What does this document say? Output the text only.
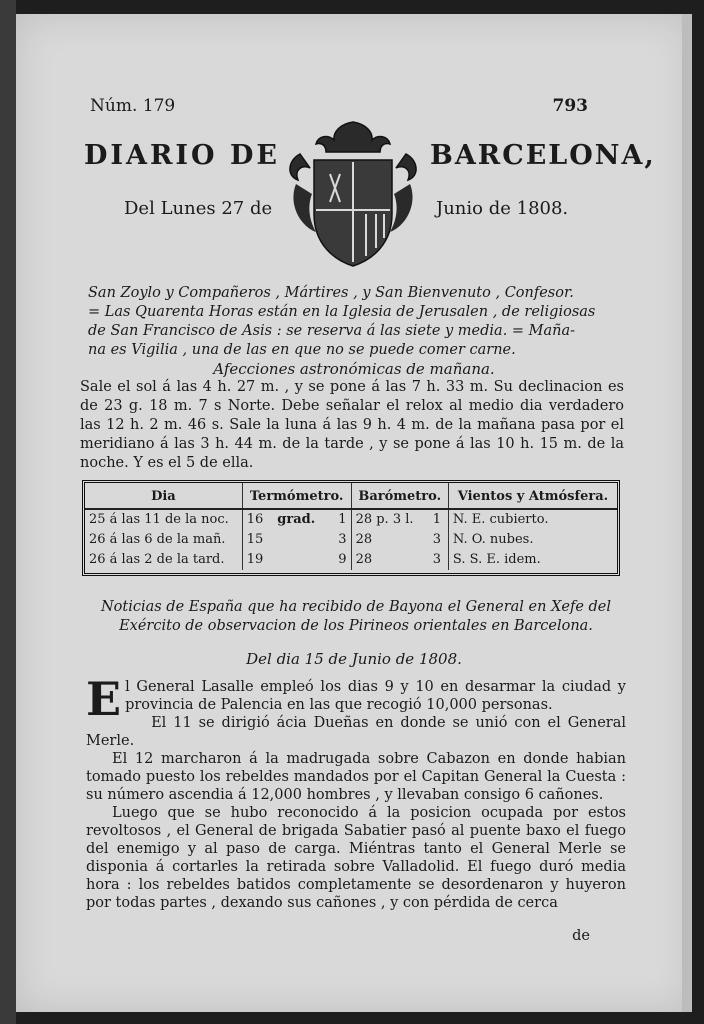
Núm. 179	793
DIARIO DE	BARCELONA,
Del Lunes 27 de	Junio de 1808.

San Zoylo y Compañeros , Mártires , y San Bienvenuto , Confesor.

= Las Quarenta Horas están en la Iglesia de Jerusalen , de religiosas

de San Francisco de Asis : se reserva á las siete y media. = Maña-

na es Vigilia , una de las en que no se puede comer carne.

Afecciones astronómicas de mañana.
Sale el sol á las 4 h. 27 m. , y se pone á las 7 h. 33 m. Su declinacion es de 23 g. 18 m. 7 s Norte. Debe señalar el relox al medio dia verdadero las 12 h. 2 m. 46 s. Sale la luna á las 9 h. 4 m. de la mañana pasa por el meridiano á las 3 h. 44 m. de la tarde , y se pone á las 10 h. 15 m. de la noche. Y es el 5 de ella.
Dia	Termómetro.			Barómetro.		Vientos y Atmósfera.
25 á las 11 de la noc.	16	grad.	1	28 p. 3 l.	1	N. E. cubierto.
26 á las 6 de la mañ.	15		3	28	3	N. O. nubes.
26 á las 2 de la tard.	19		9	28	3	S. S. E. idem.
Noticias de España que ha recibido de Bayona el General en Xefe del Exército de observacion de los Pirineos orientales en Barcelona.
Del dia 15 de Junio de 1808.

El General Lasalle empleó los dias 9 y 10 en desarmar la ciudad y provincia de Palencia en las que recogió 10,000 personas.

El 11 se dirigió ácia Dueñas en donde se unió con el General Merle.

El 12 marcharon á la madrugada sobre Cabazon en donde habian tomado puesto los rebeldes mandados por el Capitan General la Cuesta : su número ascendia á 12,000 hombres , y llevaban consigo 6 cañones.

Luego que se hubo reconocido á la posicion ocupada por estos revoltosos , el General de brigada Sabatier pasó al puente baxo el fuego del enemigo y al paso de carga. Miéntras tanto el General Merle se disponia á cortarles la retirada sobre Valladolid. El fuego duró media hora : los rebeldes batidos completamente se desordenaron y huyeron por todas partes , dexando sus cañones , y con pérdida de cerca

de
